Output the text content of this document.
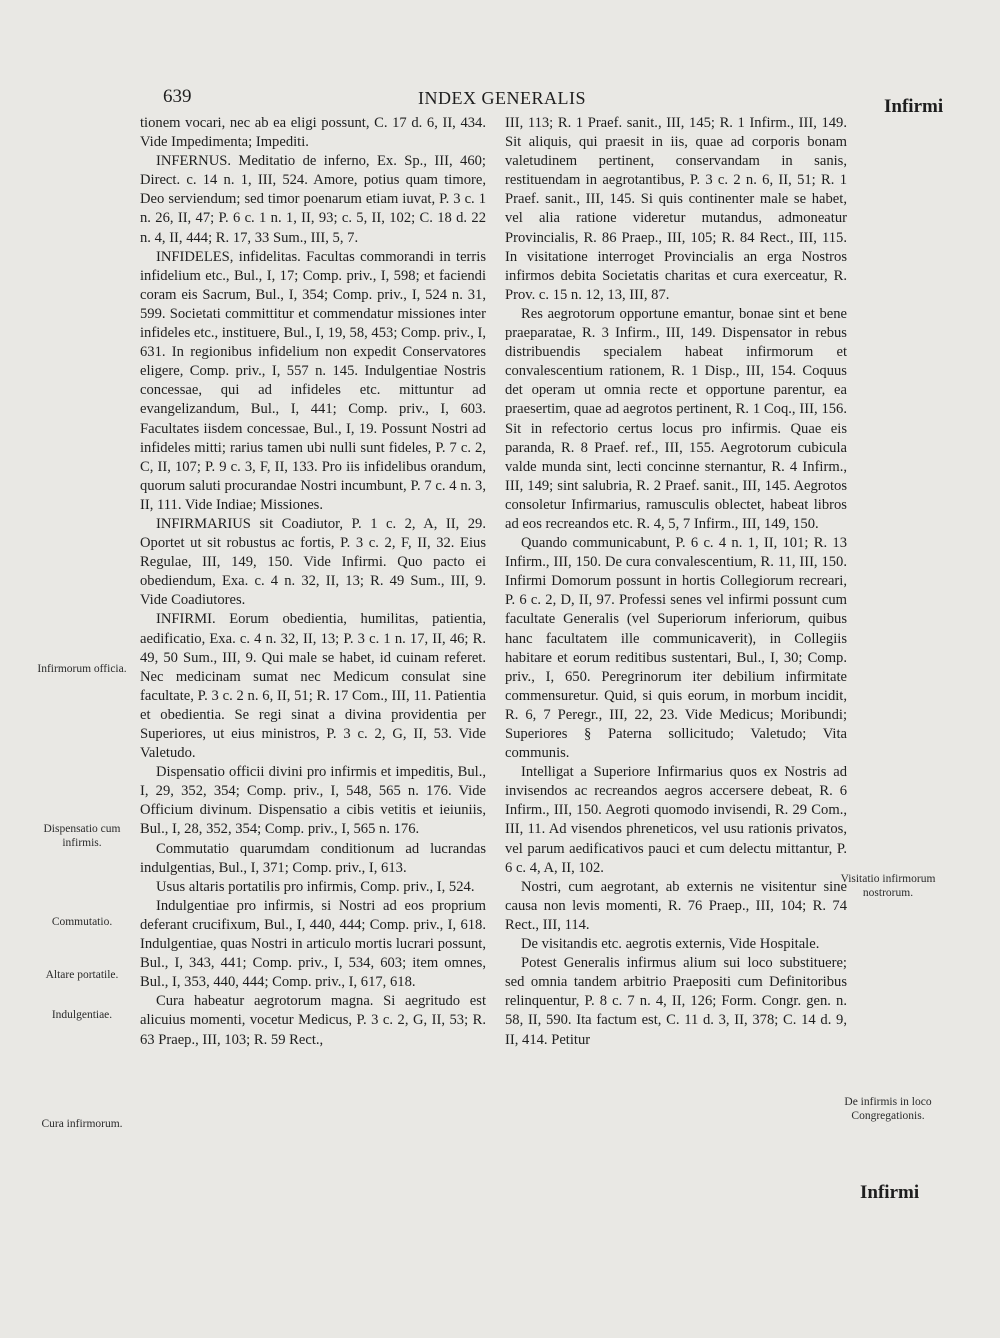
639	INDEX GENERALIS	Infirmi

tionem vocari, nec ab ea eligi possunt, C. 17 d. 6, II, 434. Vide Impedimenta; Impediti.

INFERNUS. Meditatio de inferno, Ex. Sp., III, 460; Direct. c. 14 n. 1, III, 524. Amore, potius quam timore, Deo serviendum; sed timor poenarum etiam iuvat, P. 3 c. 1 n. 26, II, 47; P. 6 c. 1 n. 1, II, 93; c. 5, II, 102; C. 18 d. 22 n. 4, II, 444; R. 17, 33 Sum., III, 5, 7.

INFIDELES, infidelitas. Facultas commorandi in terris infidelium etc., Bul., I, 17; Comp. priv., I, 598; et faciendi coram eis Sacrum, Bul., I, 354; Comp. priv., I, 524 n. 31, 599. Societati committitur et commendatur missiones inter infideles etc., instituere, Bul., I, 19, 58, 453; Comp. priv., I, 631. In regionibus infidelium non expedit Conservatores eligere, Comp. priv., I, 557 n. 145. Indulgentiae Nostris concessae, qui ad infideles etc. mittuntur ad evangelizandum, Bul., I, 441; Comp. priv., I, 603. Facultates iisdem concessae, Bul., I, 19. Possunt Nostri ad infideles mitti; rarius tamen ubi nulli sunt fideles, P. 7 c. 2, C, II, 107; P. 9 c. 3, F, II, 133. Pro iis infidelibus orandum, quorum saluti procurandae Nostri incumbunt, P. 7 c. 4 n. 3, II, 111. Vide Indiae; Missiones.

INFIRMARIUS sit Coadiutor, P. 1 c. 2, A, II, 29. Oportet ut sit robustus ac fortis, P. 3 c. 2, F, II, 32. Eius Regulae, III, 149, 150. Vide Infirmi. Quo pacto ei obediendum, Exa. c. 4 n. 32, II, 13; R. 49 Sum., III, 9. Vide Coadiutores.

INFIRMI. Eorum obedientia, humilitas, patientia, aedificatio, Exa. c. 4 n. 32, II, 13; P. 3 c. 1 n. 17, II, 46; R. 49, 50 Sum., III, 9. Qui male se habet, id cuinam referet. Nec medicinam sumat nec Medicum consulat sine facultate, P. 3 c. 2 n. 6, II, 51; R. 17 Com., III, 11. Patientia et obedientia. Se regi sinat a divina providentia per Superiores, ut eius ministros, P. 3 c. 2, G, II, 53. Vide Valetudo.

Dispensatio officii divini pro infirmis et impeditis, Bul., I, 29, 352, 354; Comp. priv., I, 548, 565 n. 176. Vide Officium divinum. Dispensatio a cibis vetitis et ieiuniis, Bul., I, 28, 352, 354; Comp. priv., I, 565 n. 176.

Commutatio quarumdam conditionum ad lucrandas indulgentias, Bul., I, 371; Comp. priv., I, 613.

Usus altaris portatilis pro infirmis, Comp. priv., I, 524.

Indulgentiae pro infirmis, si Nostri ad eos proprium deferant crucifixum, Bul., I, 440, 444; Comp. priv., I, 618. Indulgentiae, quas Nostri in articulo mortis lucrari possunt, Bul., I, 343, 441; Comp. priv., I, 534, 603; item omnes, Bul., I, 353, 440, 444; Comp. priv., I, 617, 618.

Cura habeatur aegrotorum magna. Si aegritudo est alicuius momenti, vocetur Medicus, P. 3 c. 2, G, II, 53; R. 63 Praep., III, 103; R. 59 Rect.,

III, 113; R. 1 Praef. sanit., III, 145; R. 1 Infirm., III, 149. Sit aliquis, qui praesit in iis, quae ad corporis bonam valetudinem pertinent, conservandam in sanis, restituendam in aegrotantibus, P. 3 c. 2 n. 6, II, 51; R. 1 Praef. sanit., III, 145. Si quis continenter male se habet, vel alia ratione videretur mutandus, admoneatur Provincialis, R. 86 Praep., III, 105; R. 84 Rect., III, 115. In visitatione interroget Provincialis an erga Nostros infirmos debita Societatis charitas et cura exerceatur, R. Prov. c. 15 n. 12, 13, III, 87.

Res aegrotorum opportune emantur, bonae sint et bene praeparatae, R. 3 Infirm., III, 149. Dispensator in rebus distribuendis specialem habeat infirmorum et convalescentium rationem, R. 1 Disp., III, 154. Coquus det operam ut omnia recte et opportune parentur, ea praesertim, quae ad aegrotos pertinent, R. 1 Coq., III, 156. Sit in refectorio certus locus pro infirmis. Quae eis paranda, R. 8 Praef. ref., III, 155. Aegrotorum cubicula valde munda sint, lecti concinne sternantur, R. 4 Infirm., III, 149; sint salubria, R. 2 Praef. sanit., III, 145. Aegrotos consoletur Infirmarius, ramusculis oblectet, habeat libros ad eos recreandos etc. R. 4, 5, 7 Infirm., III, 149, 150.

Quando communicabunt, P. 6 c. 4 n. 1, II, 101; R. 13 Infirm., III, 150. De cura convalescentium, R. 11, III, 150. Infirmi Domorum possunt in hortis Collegiorum recreari, P. 6 c. 2, D, II, 97. Professi senes vel infirmi possunt cum facultate Generalis (vel Superiorum inferiorum, quibus hanc facultatem ille communicaverit), in Collegiis habitare et eorum reditibus sustentari, Bul., I, 30; Comp. priv., I, 650. Peregrinorum iter debilium infirmitate commensuretur. Quid, si quis eorum, in morbum incidit, R. 6, 7 Peregr., III, 22, 23. Vide Medicus; Moribundi; Superiores § Paterna sollicitudo; Valetudo; Vita communis.

Intelligat a Superiore Infirmarius quos ex Nostris ad invisendos ac recreandos aegros accersere debeat, R. 6 Infirm., III, 150. Aegroti quomodo invisendi, R. 29 Com., III, 11. Ad visendos phreneticos, vel usu rationis privatos, vel parum aedificativos pauci et cum delectu mittantur, P. 6 c. 4, A, II, 102.

Nostri, cum aegrotant, ab externis ne visitentur sine causa non levis momenti, R. 76 Praep., III, 104; R. 74 Rect., III, 114.

De visitandis etc. aegrotis externis, Vide Hospitale.

Potest Generalis infirmus alium sui loco substituere; sed omnia tandem arbitrio Praepositi cum Definitoribus relinquentur, P. 8 c. 7 n. 4, II, 126; Form. Congr. gen. n. 58, II, 590. Ita factum est, C. 11 d. 3, II, 378; C. 14 d. 9, II, 414. Petitur

Infirmorum officia.
Dispensatio cum infirmis.
Commutatio.
Altare portatile.
Indulgentiae.
Cura infirmorum.
Visitatio infirmorum nostrorum.
De infirmis in loco Congregationis.
Infirmi
